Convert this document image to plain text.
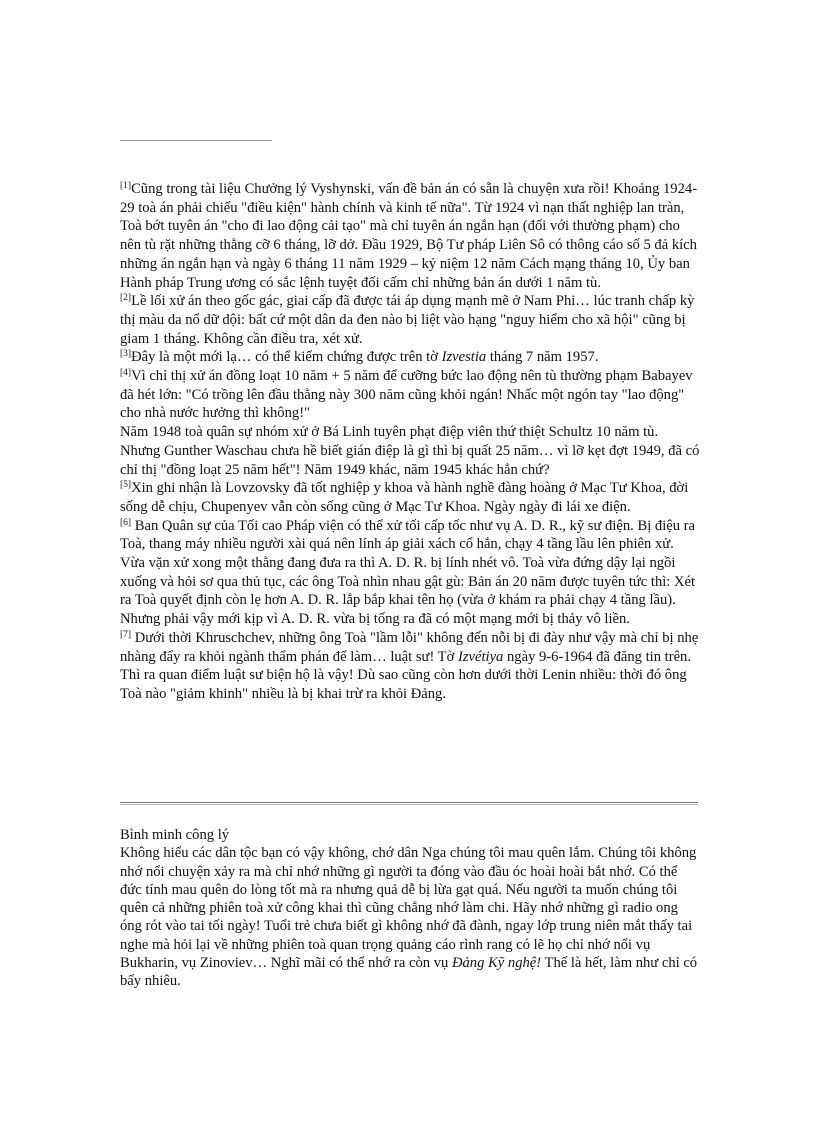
[1]Cũng trong tài liệu Chưởng lý Vyshynski, vấn đề bản án có sẵn là chuyện xưa rồi! Khoảng 1924-29 toà án phải chiếu "điều kiện" hành chính và kinh tế nữa". Từ 1924 vì nạn thất nghiệp lan tràn, Toà bớt tuyên án "cho đi lao động cải tạo" mà chỉ tuyên án ngắn hạn (đối với thường phạm) cho nên tù rặt những thằng cỡ 6 tháng, lỡ dở. Đầu 1929, Bộ Tư pháp Liên Sô có thông cáo số 5 đả kích những án ngắn hạn và ngày 6 tháng 11 năm 1929 – kỷ niệm 12 năm Cách mạng tháng 10, Ủy ban Hành pháp Trung ương có sắc lệnh tuyệt đối cấm chỉ những bản án dưới 1 năm tù.

[2]Lề lối xử án theo gốc gác, giai cấp đã được tái áp dụng mạnh mẽ ở Nam Phi… lúc tranh chấp kỳ thị màu da nổ dữ dội: bất cứ một dân da đen nào bị liệt vào hạng "nguy hiểm cho xã hội" cũng bị giam 1 tháng. Không cần điều tra, xét xử.

[3]Đây là một mới lạ… có thể kiểm chứng được trên tờ Izvestia tháng 7 năm 1957.

[4]Vì chỉ thị xử án đồng loạt 10 năm + 5 năm để cưỡng bức lao động nên tù thường phạm Babayev đã hét lớn: "Có trồng lên đầu thằng này 300 năm cũng khỏi ngán! Nhấc một ngón tay "lao động" cho nhà nước hưởng thì không!"

Năm 1948 toà quân sự nhóm xử ở Bá Linh tuyên phạt điệp viên thứ thiệt Schultz 10 năm tù. Nhưng Gunther Waschau chưa hề biết gián điệp là gì thì bị quất 25 năm… vì lỡ kẹt đợt 1949, đã có chỉ thị "đồng loạt 25 năm hết"! Năm 1949 khác, năm 1945 khác hẳn chứ?

[5]Xin ghi nhận là Lovzovsky đã tốt nghiệp y khoa và hành nghề đàng hoàng ở Mạc Tư Khoa, đời sống dễ chịu, Chupenyev vẫn còn sống cũng ở Mạc Tư Khoa. Ngày ngày đi lái xe điện.

[6] Ban Quân sự của Tối cao Pháp viện có thể xử tối cấp tốc như vụ A. D. R., kỹ sư điện. Bị điệu ra Toà, thang máy nhiều người xài quá nên lính áp giải xách cổ hắn, chạy 4 tầng lầu lên phiên xử. Vừa vặn xử xong một thằng đang đưa ra thì A. D. R. bị lính nhét vô. Toà vừa đứng dậy lại ngồi xuống và hỏi sơ qua thủ tục, các ông Toà nhìn nhau gật gù: Bản án 20 năm được tuyên tức thì: Xét ra Toà quyết định còn lẹ hơn A. D. R. lắp bắp khai tên họ (vừa ở khám ra phải chạy 4 tầng lầu). Nhưng phải vậy mới kịp vì A. D. R. vừa bị tống ra đã có một mạng mới bị thảy vô liền.

[7] Dưới thời Khruschchev, những ông Toà "lầm lỗi" không đến nỗi bị đi đày như vậy mà chỉ bị nhẹ nhàng đẩy ra khỏi ngành thẩm phán để làm… luật sư! Tờ Izvétiya ngày 9-6-1964 đã đăng tin trên. Thì ra quan điểm luật sư biện hộ là vậy! Dù sao cũng còn hơn dưới thời Lenin nhiều: thời đó ông Toà nào "giảm khinh" nhiều là bị khai trừ ra khỏi Đảng.

Bình minh công lý

Không hiểu các dân tộc bạn có vậy không, chớ dân Nga chúng tôi mau quên lắm. Chúng tôi không nhớ nổi chuyện xảy ra mà chỉ nhớ những gì người ta đóng vào đầu óc hoài hoài bắt nhớ. Có thể đức tính mau quên do lòng tốt mà ra nhưng quả dễ bị lừa gạt quá. Nếu người ta muốn chúng tôi quên cả những phiên toà xử công khai thì cũng chẳng nhớ làm chi. Hãy nhớ những gì radio ong óng rót vào tai tối ngày! Tuổi trẻ chưa biết gì không nhớ đã đành, ngay lớp trung niên mắt thấy tai nghe mà hỏi lại về những phiên toà quan trọng quảng cáo rình rang có lẽ họ chỉ nhớ nổi vụ Bukharin, vụ Zinoviev… Nghĩ mãi có thể nhớ ra còn vụ Đảng Kỹ nghệ! Thế là hết, làm như chỉ có bấy nhiêu.
